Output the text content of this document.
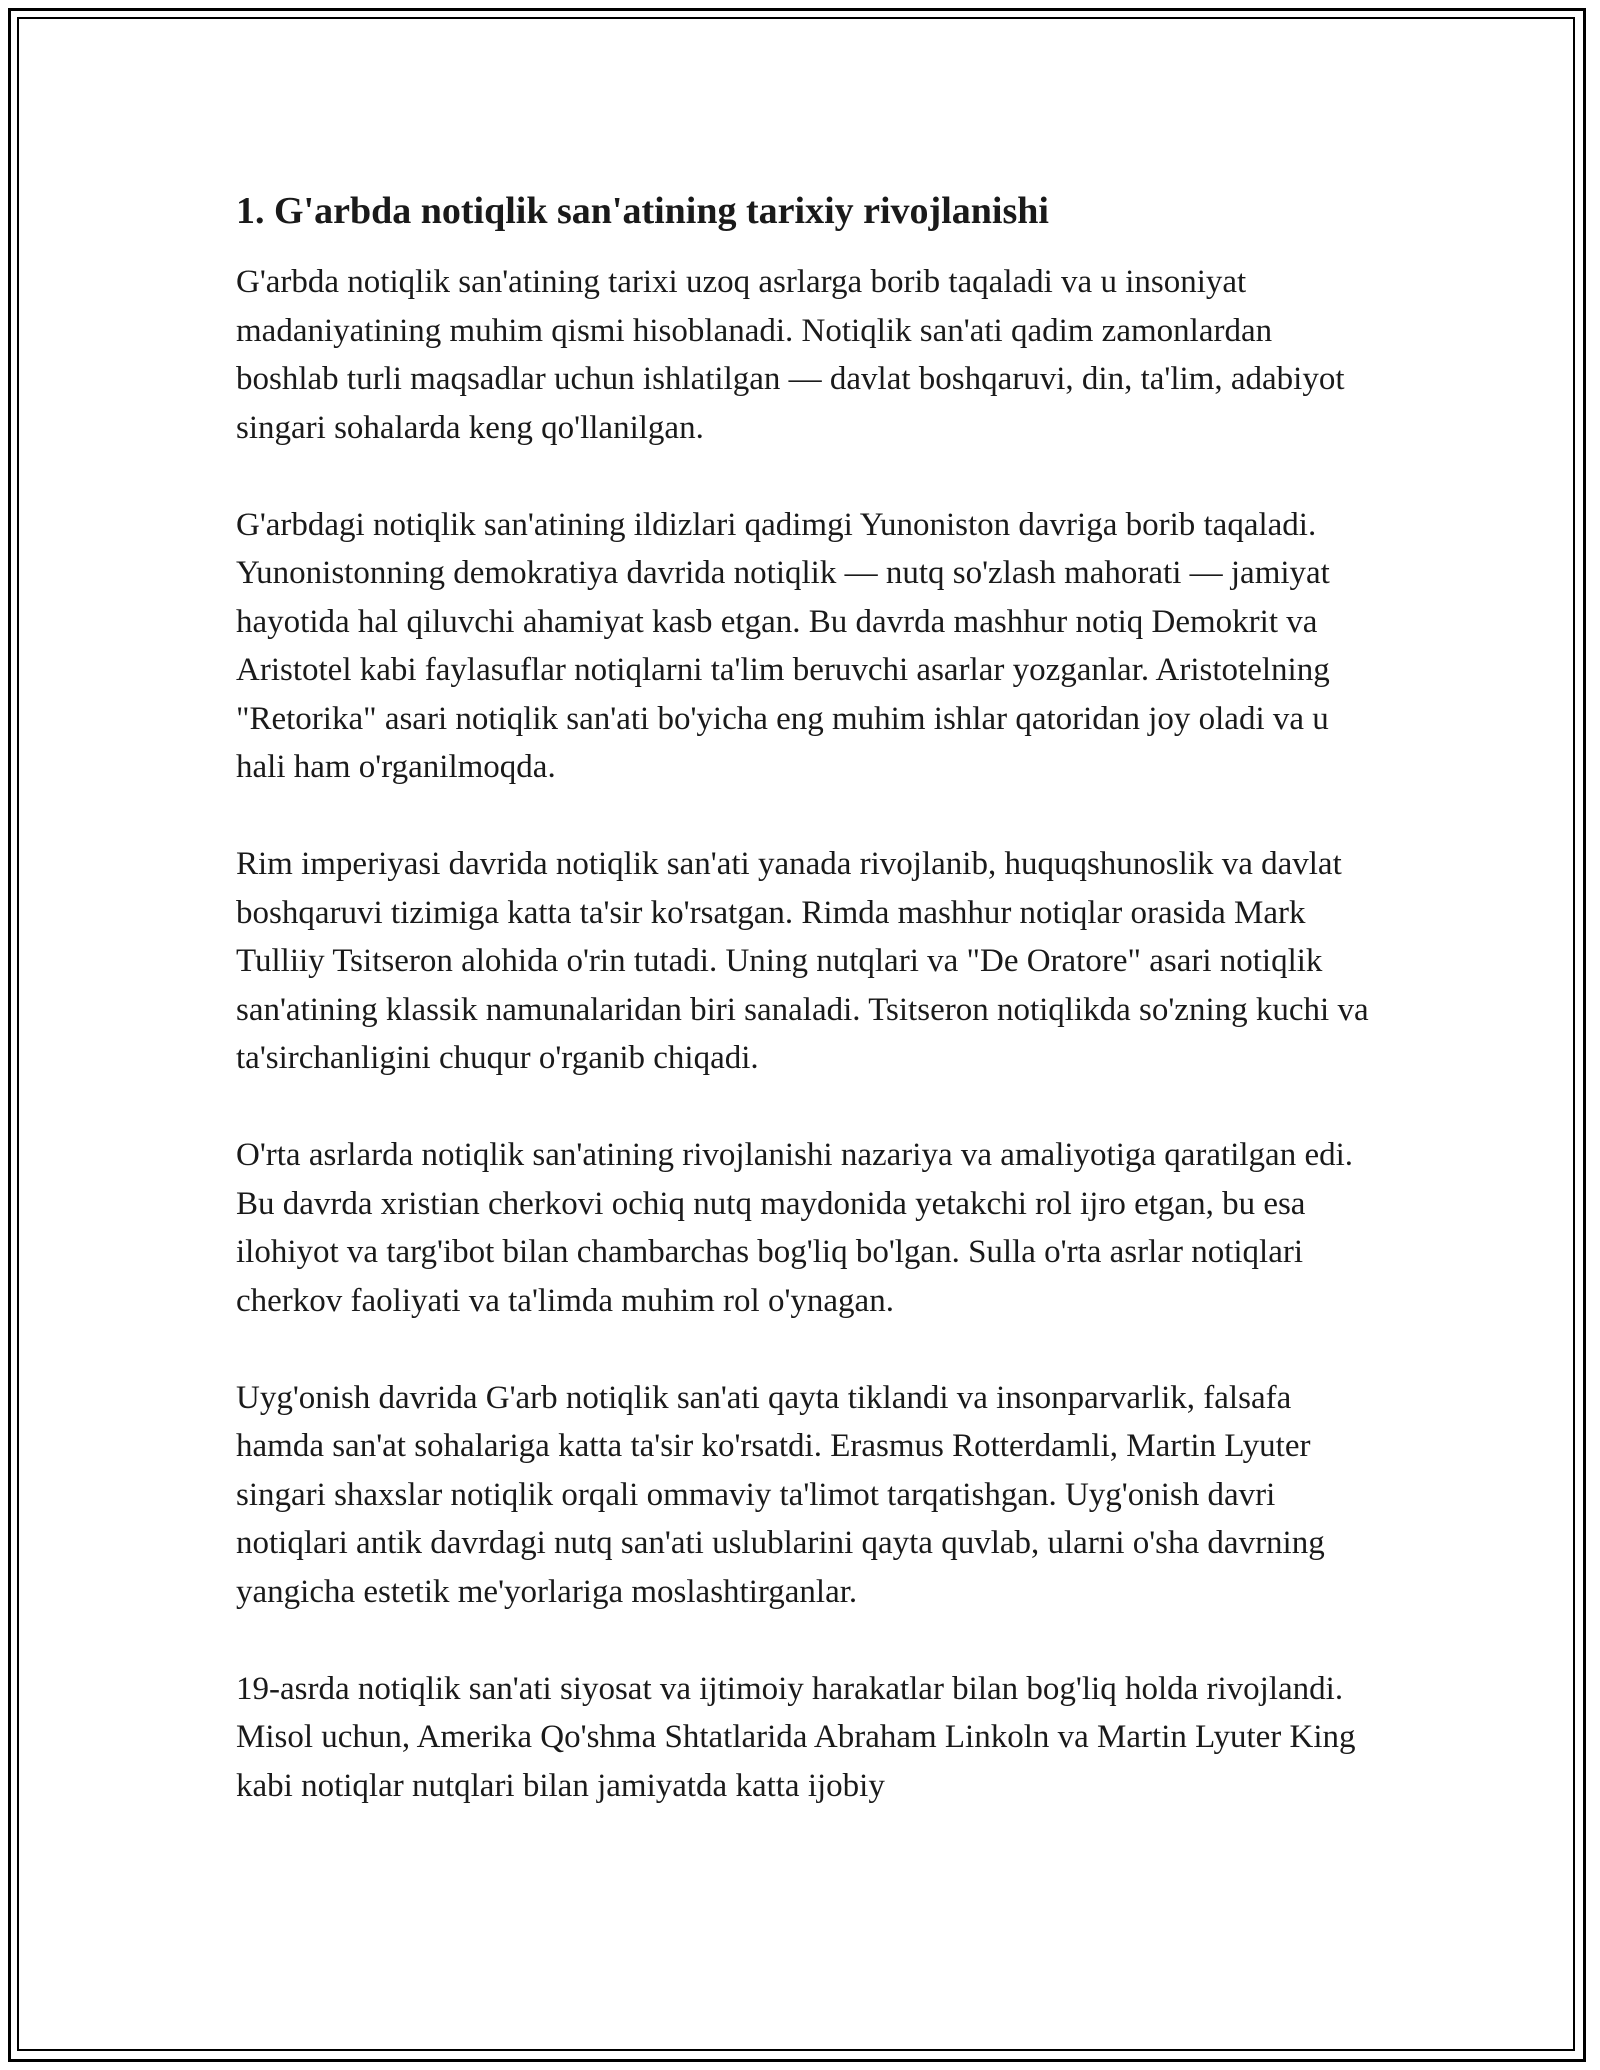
1. G'arbda notiqlik san'atining tarixiy rivojlanishi

G'arbda notiqlik san'atining tarixi uzoq asrlarga borib taqaladi va u insoniyat madaniyatining muhim qismi hisoblanadi. Notiqlik san'ati qadim zamonlardan boshlab turli maqsadlar uchun ishlatilgan — davlat boshqaruvi, din, ta'lim, adabiyot singari sohalarda keng qo'llanilgan.

G'arbdagi notiqlik san'atining ildizlari qadimgi Yunoniston davriga borib taqaladi. Yunonistonning demokratiya davrida notiqlik — nutq so'zlash mahorati — jamiyat hayotida hal qiluvchi ahamiyat kasb etgan. Bu davrda mashhur notiq Demokrit va Aristotel kabi faylasuflar notiqlarni ta'lim beruvchi asarlar yozganlar. Aristotelning "Retorika" asari notiqlik san'ati bo'yicha eng muhim ishlar qatoridan joy oladi va u hali ham o'rganilmoqda.

Rim imperiyasi davrida notiqlik san'ati yanada rivojlanib, huquqshunoslik va davlat boshqaruvi tizimiga katta ta'sir ko'rsatgan. Rimda mashhur notiqlar orasida Mark Tulliiy Tsitseron alohida o'rin tutadi. Uning nutqlari va "De Oratore" asari notiqlik san'atining klassik namunalaridan biri sanaladi. Tsitseron notiqlikda so'zning kuchi va ta'sirchanligini chuqur o'rganib chiqadi.

O'rta asrlarda notiqlik san'atining rivojlanishi nazariya va amaliyotiga qaratilgan edi. Bu davrda xristian cherkovi ochiq nutq maydonida yetakchi rol ijro etgan, bu esa ilohiyot va targ'ibot bilan chambarchas bog'liq bo'lgan. Sulla o'rta asrlar notiqlari cherkov faoliyati va ta'limda muhim rol o'ynagan.

Uyg'onish davrida G'arb notiqlik san'ati qayta tiklandi va insonparvarlik, falsafa hamda san'at sohalariga katta ta'sir ko'rsatdi. Erasmus Rotterdamli, Martin Lyuter singari shaxslar notiqlik orqali ommaviy ta'limot tarqatishgan. Uyg'onish davri notiqlari antik davrdagi nutq san'ati uslublarini qayta quvlab, ularni o'sha davrning yangicha estetik me'yorlariga moslashtirganlar.

19-asrda notiqlik san'ati siyosat va ijtimoiy harakatlar bilan bog'liq holda rivojlandi. Misol uchun, Amerika Qo'shma Shtatlarida Abraham Linkoln va Martin Lyuter King kabi notiqlar nutqlari bilan jamiyatda katta ijobiy
